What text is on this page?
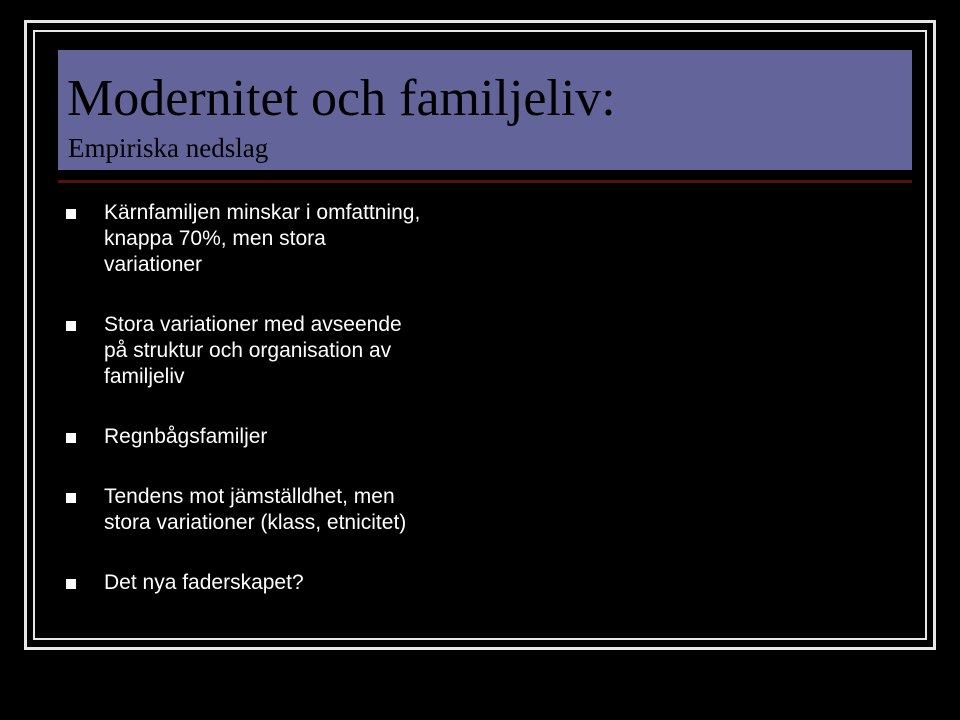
Modernitet och familjeliv:

Empiriska nedslag

Kärnfamiljen minskar i omfattning,
knappa 70%, men stora
variationer
Stora variationer med avseende
på struktur och organisation av
familjeliv
Regnbågsfamiljer
Tendens mot jämställdhet, men
stora variationer (klass, etnicitet)
Det nya faderskapet?
